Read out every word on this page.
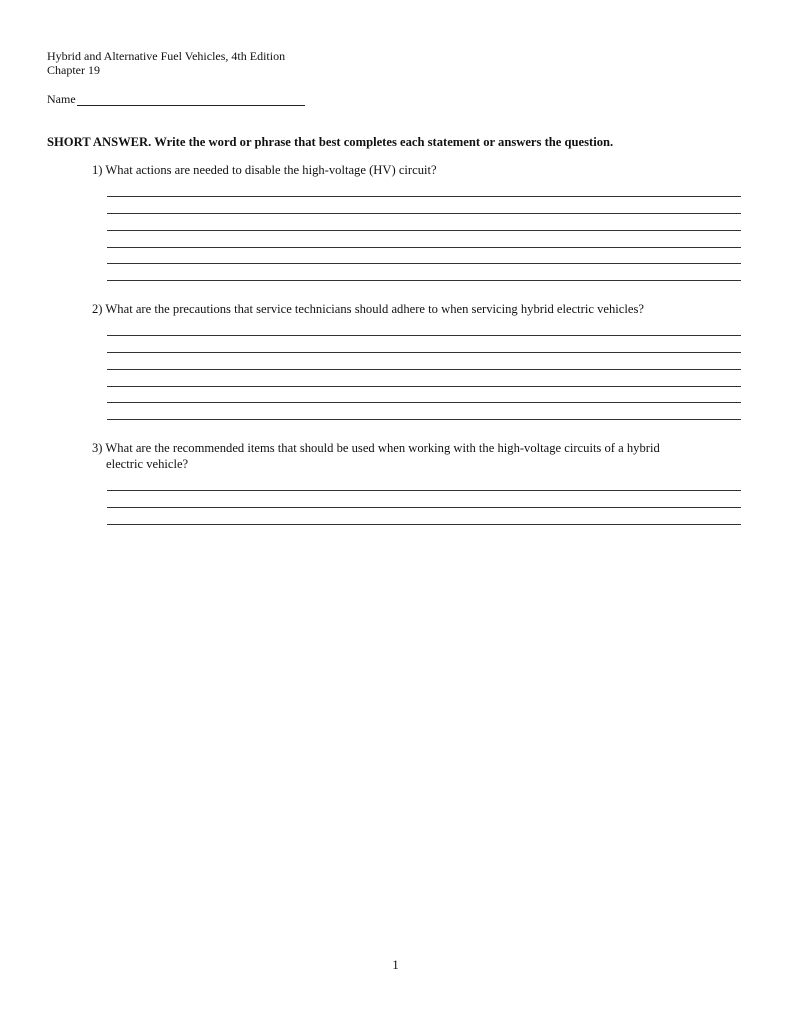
Hybrid and Alternative Fuel Vehicles, 4th Edition
Chapter 19
Name
SHORT ANSWER. Write the word or phrase that best completes each statement or answers the question.
1) What actions are needed to disable the high-voltage (HV) circuit?
2) What are the precautions that service technicians should adhere to when servicing hybrid electric vehicles?
3) What are the recommended items that should be used when working with the high-voltage circuits of a hybrid
electric vehicle?
1
